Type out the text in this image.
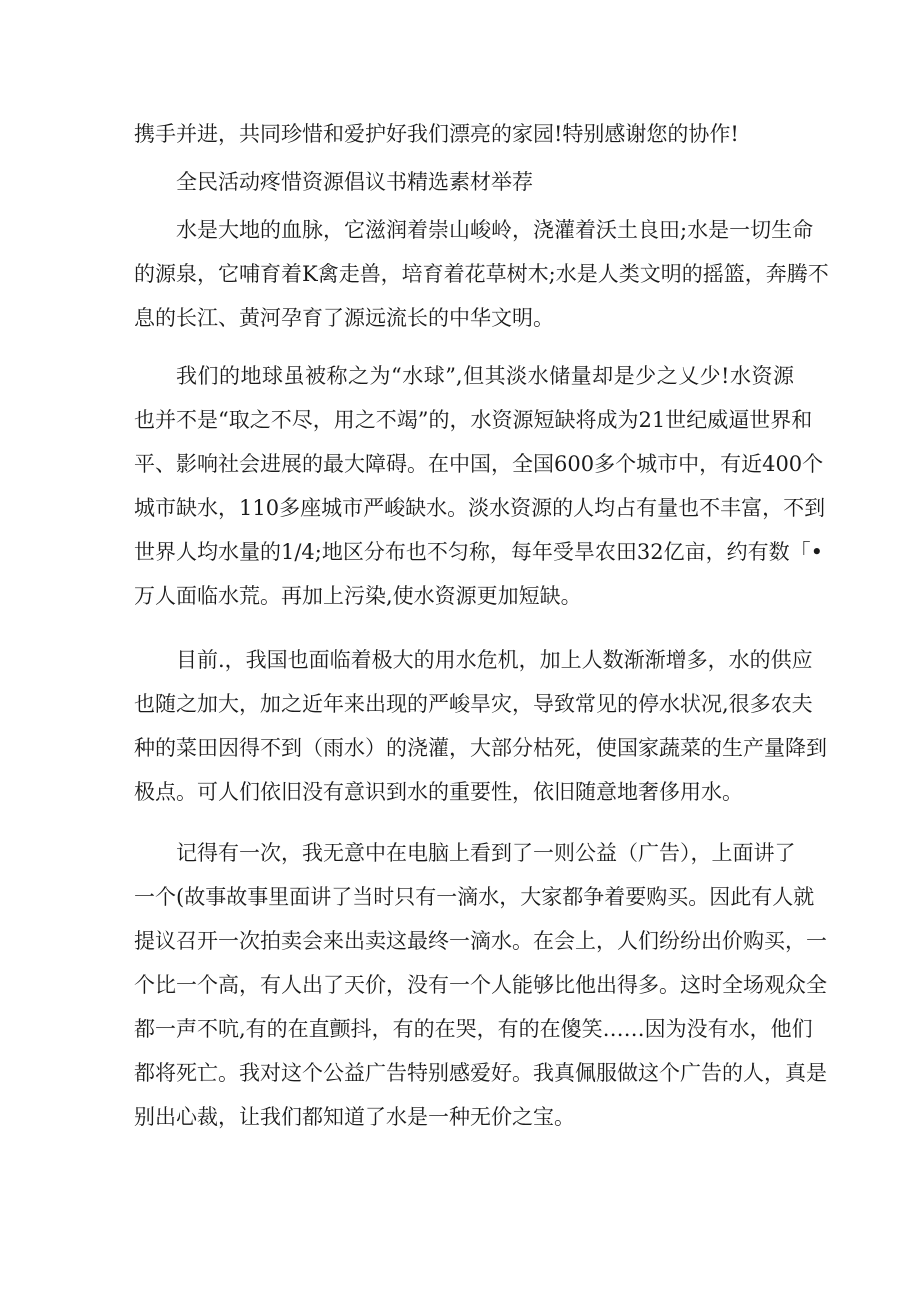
携手并进，共同珍惜和爱护好我们漂亮的家园!特别感谢您的协作!
全民活动疼惜资源倡议书精选素材举荐
水是大地的血脉，它滋润着崇山峻岭，浇灌着沃土良田;水是一切生命
的源泉，它哺育着K禽走兽，培育着花草树木;水是人类文明的摇篮，奔腾不
息的长江、黄河孕育了源远流长的中华文明。
我们的地球虽被称之为“水球”,但其淡水储量却是少之乂少!水资源
也并不是“取之不尽，用之不竭”的，水资源短缺将成为21世纪威逼世界和
平、影响社会进展的最大障碍。在中国，全国600多个城市中，有近400个
城市缺水，110多座城市严峻缺水。淡水资源的人均占有量也不丰富，不到
世界人均水量的1/4;地区分布也不匀称，每年受旱农田32亿亩，约有数「•
万人面临水荒。再加上污染,使水资源更加短缺。
目前.，我国也面临着极大的用水危机，加上人数渐渐增多，水的供应
也随之加大，加之近年来出现的严峻旱灾，导致常见的停水状况,很多农夫
种的菜田因得不到（雨水）的浇灌，大部分枯死，使国家蔬菜的生产量降到
极点。可人们依旧没有意识到水的重要性，依旧随意地奢侈用水。
记得有一次，我无意中在电脑上看到了一则公益（广告），上面讲了
一个(故事故事里面讲了当时只有一滴水，大家都争着要购买。因此有人就
提议召开一次拍卖会来出卖这最终一滴水。在会上，人们纷纷出价购买，一
个比一个高，有人出了天价，没有一个人能够比他出得多。这时全场观众全
都一声不吭,有的在直颤抖，有的在哭，有的在傻笑……因为没有水，他们
都将死亡。我对这个公益广告特别感爱好。我真佩服做这个广告的人，真是
别出心裁，让我们都知道了水是一种无价之宝。
